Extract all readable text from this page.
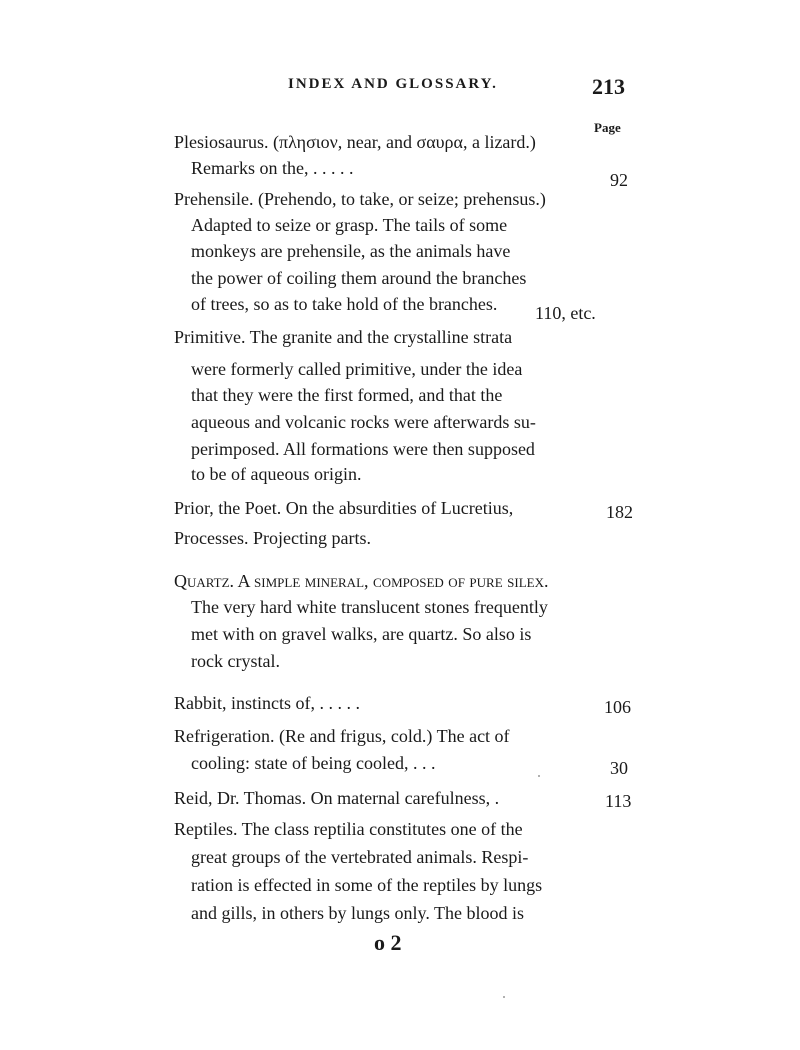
INDEX AND GLOSSARY.	213
Page
Plesiosaurus. (πλησιον, near, and σαυρα, a lizard.)
Remarks on the, . . . . .
92
Prehensile. (Prehendo, to take, or seize; prehensus.)
Adapted to seize or grasp. The tails of some
monkeys are prehensile, as the animals have
the power of coiling them around the branches
of trees, so as to take hold of the branches. 110, etc.
Primitive. The granite and the crystalline strata
were formerly called primitive, under the idea
that they were the first formed, and that the
aqueous and volcanic rocks were afterwards su-
perimposed. All formations were then supposed
to be of aqueous origin.
Prior, the Poet. On the absurdities of Lucretius,	182
Processes. Projecting parts.
Quartz. A simple mineral, composed of pure silex.
The very hard white translucent stones frequently
met with on gravel walks, are quartz. So also is
rock crystal.
Rabbit, instincts of, . . . . .	106
Refrigeration. (Re and frigus, cold.) The act of
cooling: state of being cooled, . . .	30
Reid, Dr. Thomas. On maternal carefulness, .	113
Reptiles. The class reptilia constitutes one of the
great groups of the vertebrated animals. Respi-
ration is effected in some of the reptiles by lungs
and gills, in others by lungs only. The blood is
o 2
